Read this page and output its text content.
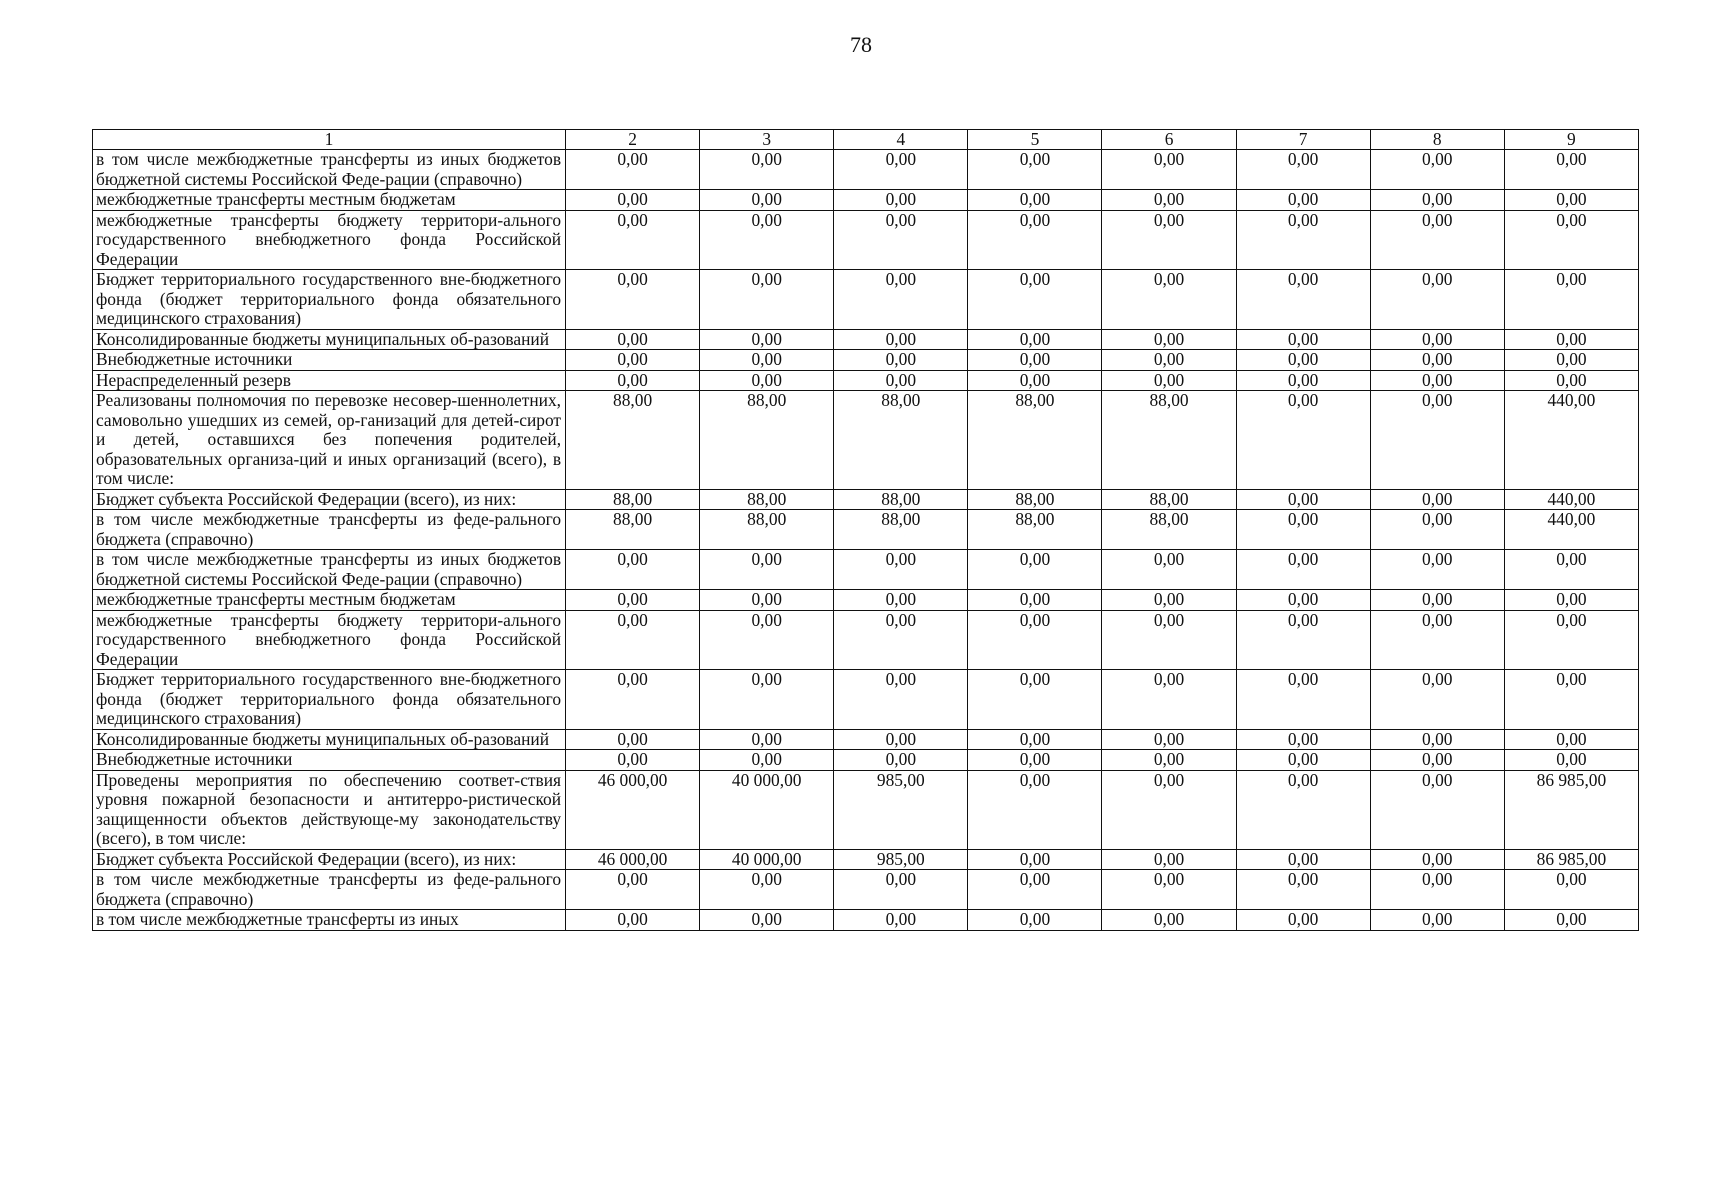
78
1	2	3	4	5	6	7	8	9
в том числе межбюджетные трансферты из иных бюджетов бюджетной системы Российской Феде-рации (справочно)	0,00	0,00	0,00	0,00	0,00	0,00	0,00	0,00
межбюджетные трансферты местным бюджетам	0,00	0,00	0,00	0,00	0,00	0,00	0,00	0,00
межбюджетные трансферты бюджету территори-ального государственного внебюджетного фонда Российской Федерации	0,00	0,00	0,00	0,00	0,00	0,00	0,00	0,00
Бюджет территориального государственного вне-бюджетного фонда (бюджет территориального фонда обязательного медицинского страхования)	0,00	0,00	0,00	0,00	0,00	0,00	0,00	0,00
Консолидированные бюджеты муниципальных об-разований	0,00	0,00	0,00	0,00	0,00	0,00	0,00	0,00
Внебюджетные источники	0,00	0,00	0,00	0,00	0,00	0,00	0,00	0,00
Нераспределенный резерв	0,00	0,00	0,00	0,00	0,00	0,00	0,00	0,00
Реализованы полномочия по перевозке несовер-шеннолетних, самовольно ушедших из семей, ор-ганизаций для детей-сирот и детей, оставшихся без попечения родителей, образовательных организа-ций и иных организаций (всего), в том числе:	88,00	88,00	88,00	88,00	88,00	0,00	0,00	440,00
Бюджет субъекта Российской Федерации (всего), из них:	88,00	88,00	88,00	88,00	88,00	0,00	0,00	440,00
в том числе межбюджетные трансферты из феде-рального бюджета (справочно)	88,00	88,00	88,00	88,00	88,00	0,00	0,00	440,00
в том числе межбюджетные трансферты из иных бюджетов бюджетной системы Российской Феде-рации (справочно)	0,00	0,00	0,00	0,00	0,00	0,00	0,00	0,00
межбюджетные трансферты местным бюджетам	0,00	0,00	0,00	0,00	0,00	0,00	0,00	0,00
межбюджетные трансферты бюджету территори-ального государственного внебюджетного фонда Российской Федерации	0,00	0,00	0,00	0,00	0,00	0,00	0,00	0,00
Бюджет территориального государственного вне-бюджетного фонда (бюджет территориального фонда обязательного медицинского страхования)	0,00	0,00	0,00	0,00	0,00	0,00	0,00	0,00
Консолидированные бюджеты муниципальных об-разований	0,00	0,00	0,00	0,00	0,00	0,00	0,00	0,00
Внебюджетные источники	0,00	0,00	0,00	0,00	0,00	0,00	0,00	0,00
Проведены мероприятия по обеспечению соответ-ствия уровня пожарной безопасности и антитерро-ристической защищенности объектов действующе-му законодательству (всего), в том числе:	46 000,00	40 000,00	985,00	0,00	0,00	0,00	0,00	86 985,00
Бюджет субъекта Российской Федерации (всего), из них:	46 000,00	40 000,00	985,00	0,00	0,00	0,00	0,00	86 985,00
в том числе межбюджетные трансферты из феде-рального бюджета (справочно)	0,00	0,00	0,00	0,00	0,00	0,00	0,00	0,00
в том числе межбюджетные трансферты из иных	0,00	0,00	0,00	0,00	0,00	0,00	0,00	0,00
